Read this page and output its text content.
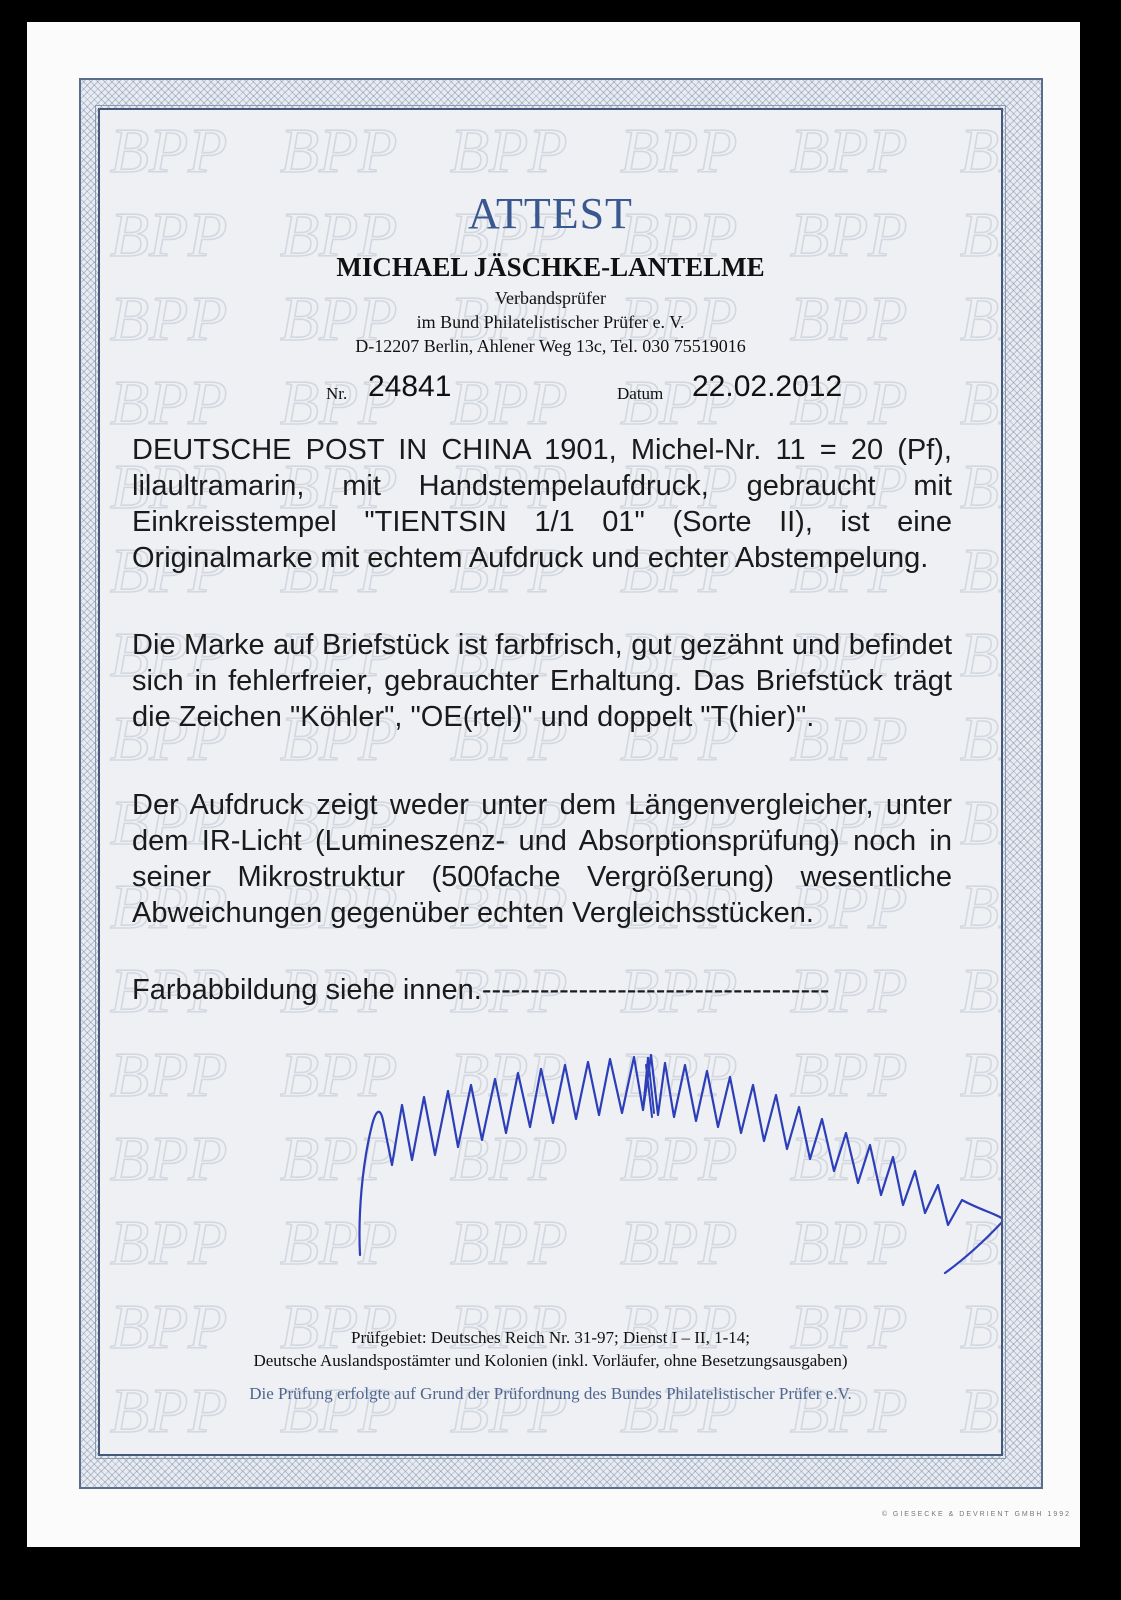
ATTEST
MICHAEL JÄSCHKE-LANTELME
Verbandsprüfer
im Bund Philatelistischer Prüfer e. V.
D-12207 Berlin, Ahlener Weg 13c, Tel. 030 75519016
Nr. 24841	Datum 22.02.2012

DEUTSCHE POST IN CHINA 1901, Michel-Nr. 11 = 20 (Pf), lilaultramarin, mit Handstempelaufdruck, gebraucht mit Einkreisstempel "TIENTSIN 1/1 01" (Sorte II), ist eine Originalmarke mit echtem Aufdruck und echter Abstempelung.

Die Marke auf Briefstück ist farbfrisch, gut gezähnt und befindet sich in fehlerfreier, gebrauchter Erhaltung. Das Briefstück trägt die Zeichen "Köhler", "OE(rtel)" und doppelt "T(hier)".

Der Aufdruck zeigt weder unter dem Längenvergleicher, unter dem IR-Licht (Lumineszenz- und Absorptionsprüfung) noch in seiner Mikrostruktur (500fache Vergrößerung) wesentliche Abweichungen gegenüber echten Vergleichsstücken.

Farbabbildung siehe innen.------------------------------------

Prüfgebiet: Deutsches Reich Nr. 31-97; Dienst I – II, 1-14;
Deutsche Auslandspostämter und Kolonien (inkl. Vorläufer, ohne Besetzungsausgaben)
Die Prüfung erfolgte auf Grund der Prüfordnung des Bundes Philatelistischer Prüfer e.V.
© GIESECKE & DEVRIENT GMBH 1992
